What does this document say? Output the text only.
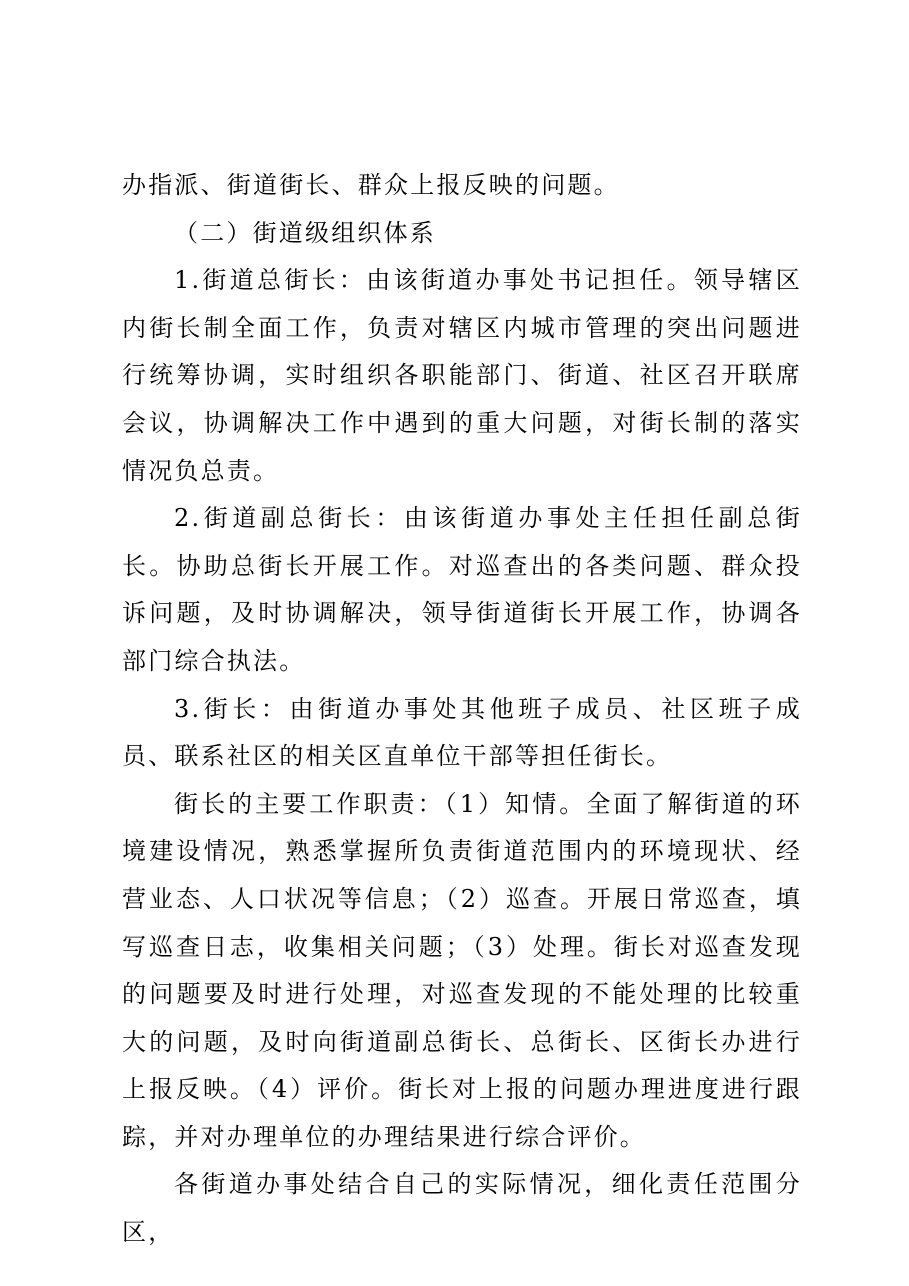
办指派、街道街长、群众上报反映的问题。

（二）街道级组织体系

1.街道总街长：由该街道办事处书记担任。领导辖区内街长制全面工作，负责对辖区内城市管理的突出问题进行统筹协调，实时组织各职能部门、街道、社区召开联席会议，协调解决工作中遇到的重大问题，对街长制的落实情况负总责。

2.街道副总街长：由该街道办事处主任担任副总街长。协助总街长开展工作。对巡查出的各类问题、群众投诉问题，及时协调解决，领导街道街长开展工作，协调各部门综合执法。

3.街长：由街道办事处其他班子成员、社区班子成员、联系社区的相关区直单位干部等担任街长。

街长的主要工作职责：（1）知情。全面了解街道的环境建设情况，熟悉掌握所负责街道范围内的环境现状、经营业态、人口状况等信息；（2）巡查。开展日常巡查，填写巡查日志，收集相关问题；（3）处理。街长对巡查发现的问题要及时进行处理，对巡查发现的不能处理的比较重大的问题，及时向街道副总街长、总街长、区街长办进行上报反映。（4）评价。街长对上报的问题办理进度进行跟踪，并对办理单位的办理结果进行综合评价。

各街道办事处结合自己的实际情况，细化责任范围分区，
